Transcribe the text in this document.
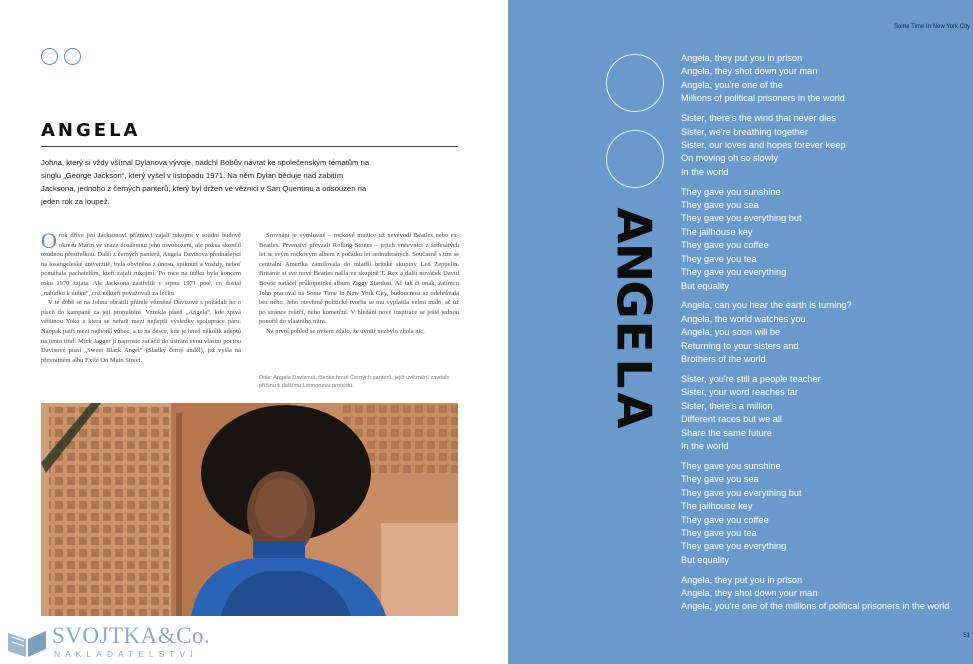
ANGELA

Johna, který si vždy všímal Dylanova vývoje, nadchl Bobův návrat ke společenským tématům na singlu „George Jackson“, který vyšel v listopadu 1971. Na něm Dylan běduje nad zabitím Jacksona, jednoho z černých panterů, který byl držen ve věznici v San Quentinu a odsouzen na jeden rok za loupež.

Orok dříve jiní Jacksonovi příznivci zajali rukojmí v soudní budově okresu Marin ve snaze dosáhnout jeho osvobození, ale pokus skončil osudnou přestřelkou. Další z černých panterů, Angela Davisová přednášející na losangeleské univerzitě, byla obviněna z únosu, spiknutí a vraždy, neboť pomáhala pachatelům, kteří zajali rukojmí. Po roce na útěku byla koncem roku 1970 zajata. Ale Jacksona zastřelili v srpnu 1971 poté, co dostal „nabídku k útěku“, což někteří považovali za léčku.

V té době se na Johna obrátili přátelé vězněné Davisové s požádali ho o píseň do kampaně za její propuštění. Vznikla píseň „Angela“, kde zpívá většinou Yoko a která se neřadí mezi nejlepší výsledky spolupráce páru. Naopak patří mezi nejhorší vůbec, a to na desce, kde je hned několik adeptů na tento titul. Mick Jagger jí naproste zaťáčil do ústraní svou vlastní poctou Davisové písní „Sweet Black Angel“ (Sladký černý anděl), jež vyšla na převratném albu Exile On Main Street.

Srovnání je výmluvné – rockové muzice už nevévodí Beatles nebo ex-Beatles. Prvenství převzali Rolling Stones – jejich vrstevníci z šedesátých let se svým rockovým albem z počátku let sedmdesátých. Současně s tím se centrální Amerika zamilovala do mladší britské skupiny Led Zeppelin. Británie si své nové Beatles našla ve skupině T. Rex a další nováček David Bowie natáčel průkopnické album Ziggy Stardust. Ač tak či onak, zatímco John pracoval na Some Time In New York City, budoucnost se odehrávala bez něho. Jeho otevřené politické tvorba se mu vyplatila velmi málo, ač už po stránce tvůrčí, nebo komerční. V hledání nové inspirace se ještě jednou ponořil do vlastního nitra.

Na první pohled se ovšem zdálo, že uvnitř nezbylo zhola nic.

Dole: Angela Davisová, členka hnutí Černých panterů, jejíž uvěznění zavdalo příčinu k dalšímu Lennonovu protestu.

SVOJTKA&Co.
NAKLADATELSTVÍ
Some Time In New York City
A
N
G
E
L
A
Angela, they put you in prison
Angela, they shot down your man
Angela, you're one of the
Millions of political prisoners in the world
Sister, there's the wind that never dies
Sister, we're breathing together
Sister, our loves and hopes forever keep
On moving oh so slowly
In the world
They gave you sunshine
They gave you sea
They gave you everything but
The jailhouse key
They gave you coffee
They gave you tea
They gave you everything
But equality
Angela, can you hear the earth is turning?
Angela, the world watches you
Angela, you soon will be
Returning to your sisters and
Brothers of the world
Sister, you're still a people teacher
Sister, your word reaches far
Sister, there's a million
Different races but we all
Share the same future
In the world
They gave you sunshine
They gave you sea
They gave you everything but
The jailhouse key
They gave you coffee
They gave you tea
They gave you everything
But equality
Angela, they put you in prison
Angela, they shot down your man
Angela, you're one of the millions of political prisoners in the world
51
